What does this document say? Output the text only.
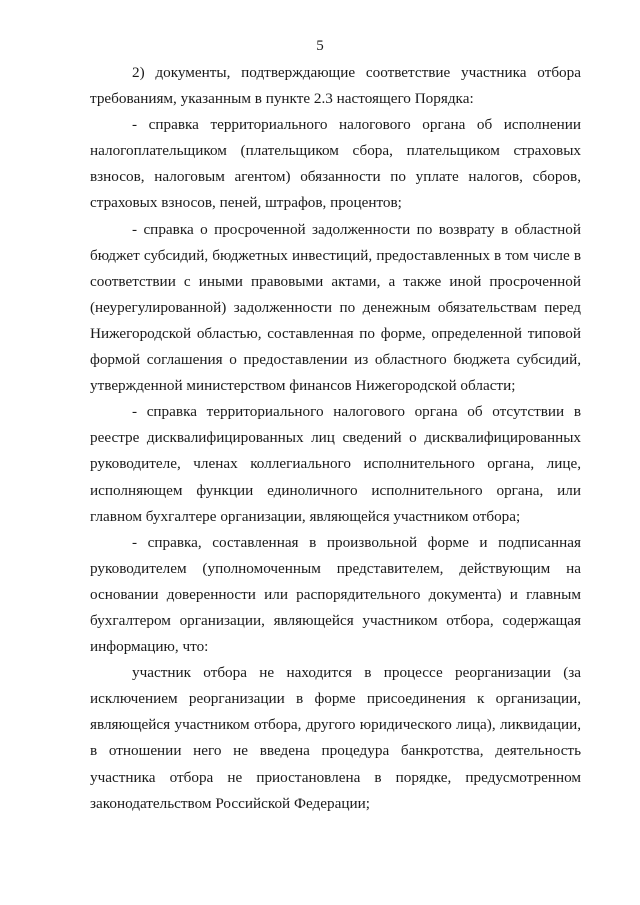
5

2) документы, подтверждающие соответствие участника отбора требованиям, указанным в пункте 2.3 настоящего Порядка:

- справка территориального налогового органа об исполнении налогоплательщиком (плательщиком сбора, плательщиком страховых взносов, налоговым агентом) обязанности по уплате налогов, сборов, страховых взносов, пеней, штрафов, процентов;

- справка о просроченной задолженности по возврату в областной бюджет субсидий, бюджетных инвестиций, предоставленных в том числе в соответствии с иными правовыми актами, а также иной просроченной (неурегулированной) задолженности по денежным обязательствам перед Нижегородской областью, составленная по форме, определенной типовой формой соглашения о предоставлении из областного бюджета субсидий, утвержденной министерством финансов Нижегородской области;

- справка территориального налогового органа об отсутствии в реестре дисквалифицированных лиц сведений о дисквалифицированных руководителе, членах коллегиального исполнительного органа, лице, исполняющем функции единоличного исполнительного органа, или главном бухгалтере организации, являющейся участником отбора;

- справка, составленная в произвольной форме и подписанная руководителем (уполномоченным представителем, действующим на основании доверенности или распорядительного документа) и главным бухгалтером организации, являющейся участником отбора, содержащая информацию, что:

участник отбора не находится в процессе реорганизации (за исключением реорганизации в форме присоединения к организации, являющейся участником отбора, другого юридического лица), ликвидации, в отношении него не введена процедура банкротства, деятельность участника отбора не приостановлена в порядке, предусмотренном законодательством Российской Федерации;
